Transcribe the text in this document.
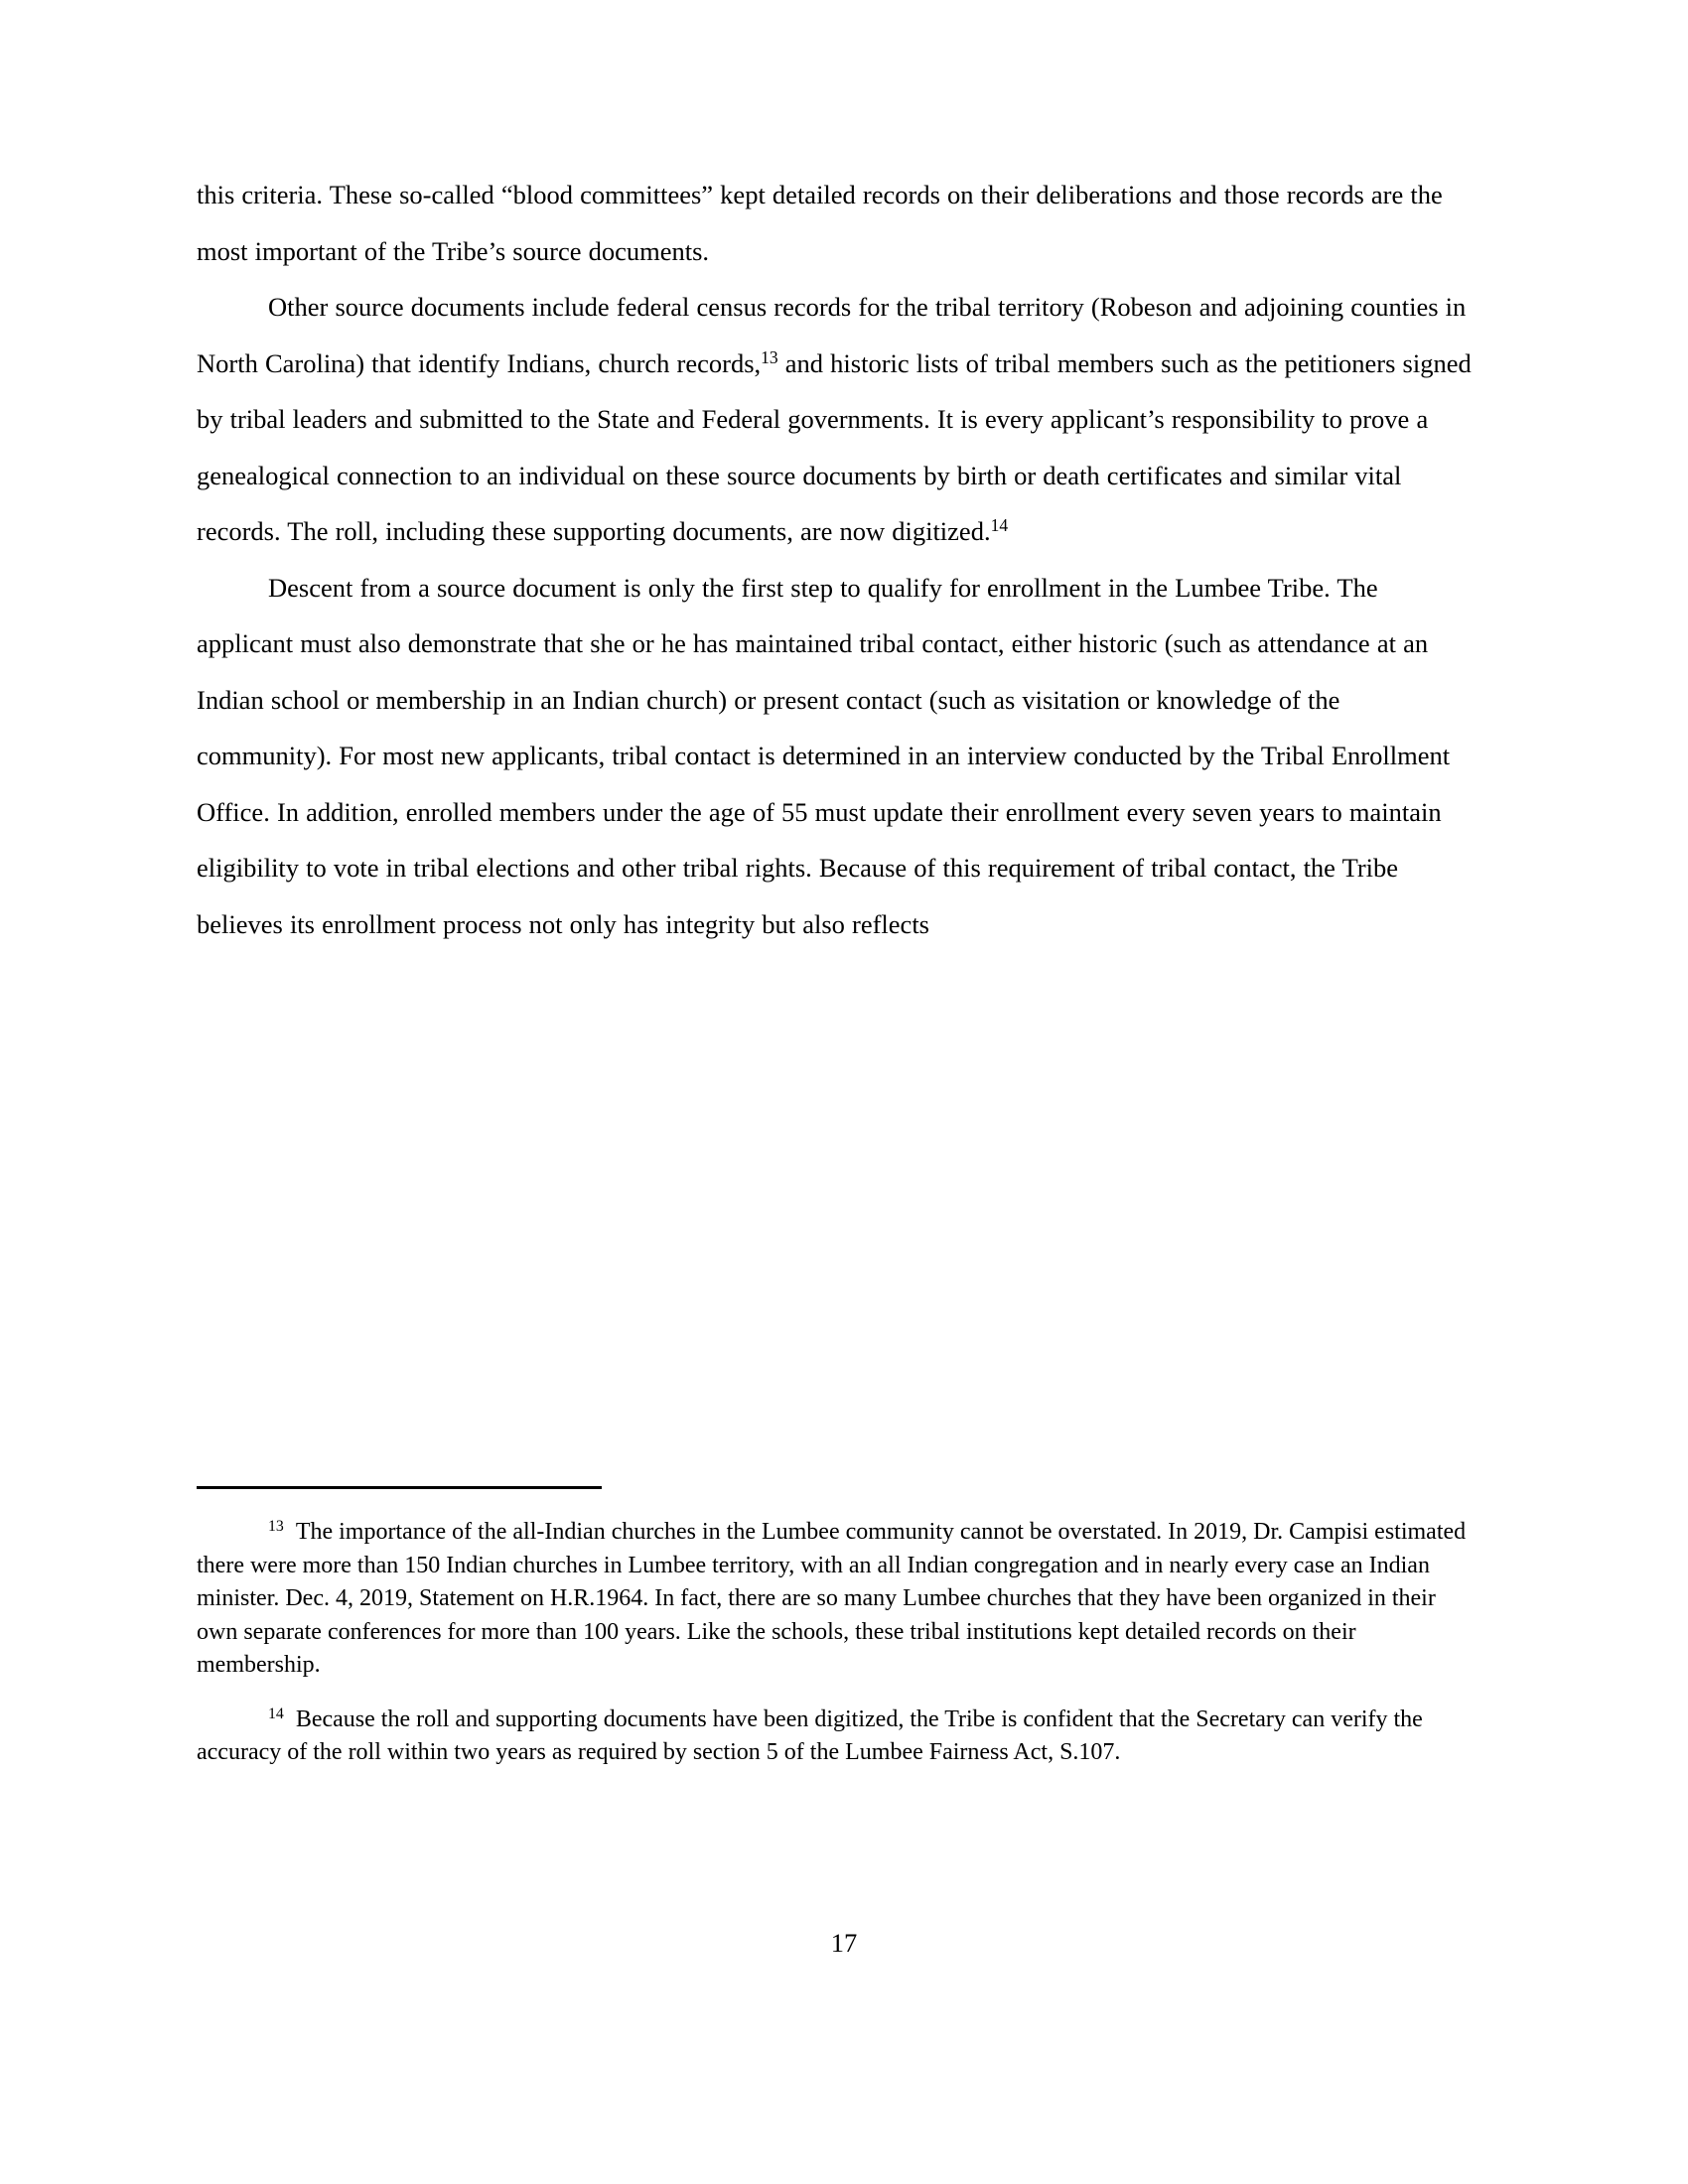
this criteria. These so-called “blood committees” kept detailed records on their deliberations and those records are the most important of the Tribe’s source documents.

Other source documents include federal census records for the tribal territory (Robeson and adjoining counties in North Carolina) that identify Indians, church records,$^{13}$ and historic lists of tribal members such as the petitioners signed by tribal leaders and submitted to the State and Federal governments. It is every applicant’s responsibility to prove a genealogical connection to an individual on these source documents by birth or death certificates and similar vital records. The roll, including these supporting documents, are now digitized.$^{14}$

Descent from a source document is only the first step to qualify for enrollment in the Lumbee Tribe. The applicant must also demonstrate that she or he has maintained tribal contact, either historic (such as attendance at an Indian school or membership in an Indian church) or present contact (such as visitation or knowledge of the community). For most new applicants, tribal contact is determined in an interview conducted by the Tribal Enrollment Office. In addition, enrolled members under the age of 55 must update their enrollment every seven years to maintain eligibility to vote in tribal elections and other tribal rights. Because of this requirement of tribal contact, the Tribe believes its enrollment process not only has integrity but also reflects

$^{13}$ The importance of the all-Indian churches in the Lumbee community cannot be overstated. In 2019, Dr. Campisi estimated there were more than 150 Indian churches in Lumbee territory, with an all Indian congregation and in nearly every case an Indian minister. Dec. 4, 2019, Statement on H.R.1964. In fact, there are so many Lumbee churches that they have been organized in their own separate conferences for more than 100 years. Like the schools, these tribal institutions kept detailed records on their membership.

$^{14}$ Because the roll and supporting documents have been digitized, the Tribe is confident that the Secretary can verify the accuracy of the roll within two years as required by section 5 of the Lumbee Fairness Act, S.107.

17
